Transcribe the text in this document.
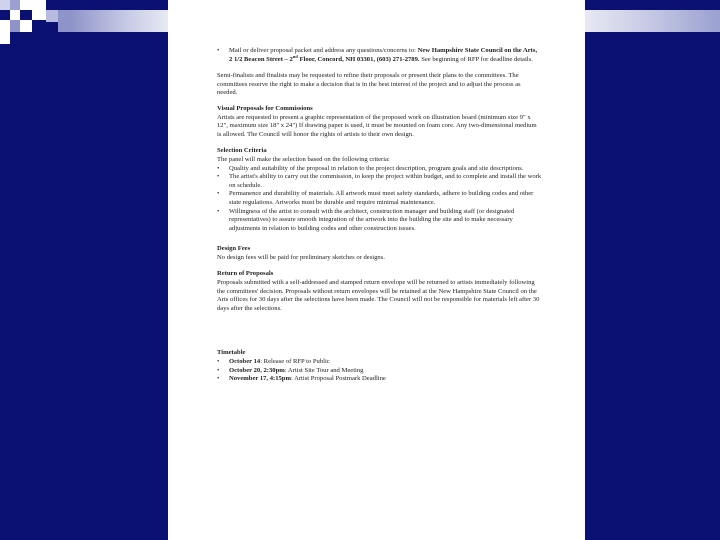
• Mail or deliver proposal packet and address any questions/concerns to: New Hampshire State Council on the Arts, 2 1/2 Beacon Street – 2nd Floor, Concord, NH 03301, (603) 271-2789. See beginning of RFP for deadline details.

Semi-finalists and finalists may be requested to refine their proposals or present their plans to the committees. The committees reserve the right to make a decision that is in the best interest of the project and to adjust the process as needed.

Visual Proposals for Commissions

Artists are requested to present a graphic representation of the proposed work on illustration board (minimum size 9" x 12", maximum size 18" x 24") If drawing paper is used, it must be mounted on foam core. Any two-dimensional medium is allowed. The Council will honor the rights of artists to their own design.

Selection Criteria

The panel will make the selection based on the following criteria:

• Quality and suitability of the proposal in relation to the project description, program goals and site descriptions.
• The artist's ability to carry out the commission, to keep the project within budget, and to complete and install the work on schedule.
• Permanence and durability of materials. All artwork must meet safety standards, adhere to building codes and other state regulations. Artworks must be durable and require minimal maintenance.
• Willingness of the artist to consult with the architect, construction manager and building staff (or designated representatives) to assure smooth integration of the artwork into the building the site and to make necessary adjustments in relation to building codes and other construction issues.

Design Fees

No design fees will be paid for preliminary sketches or designs.

Return of Proposals

Proposals submitted with a self-addressed and stamped return envelope will be returned to artists immediately following the committees' decision. Proposals without return envelopes will be retained at the New Hampshire State Council on the Arts offices for 30 days after the selections have been made. The Council will not be responsible for materials left after 30 days after the selections.

Timetable

• October 14: Release of RFP to Public
• October 20, 2:30pm: Artist Site Tour and Meeting
• November 17, 4:15pm: Artist Proposal Postmark Deadline
